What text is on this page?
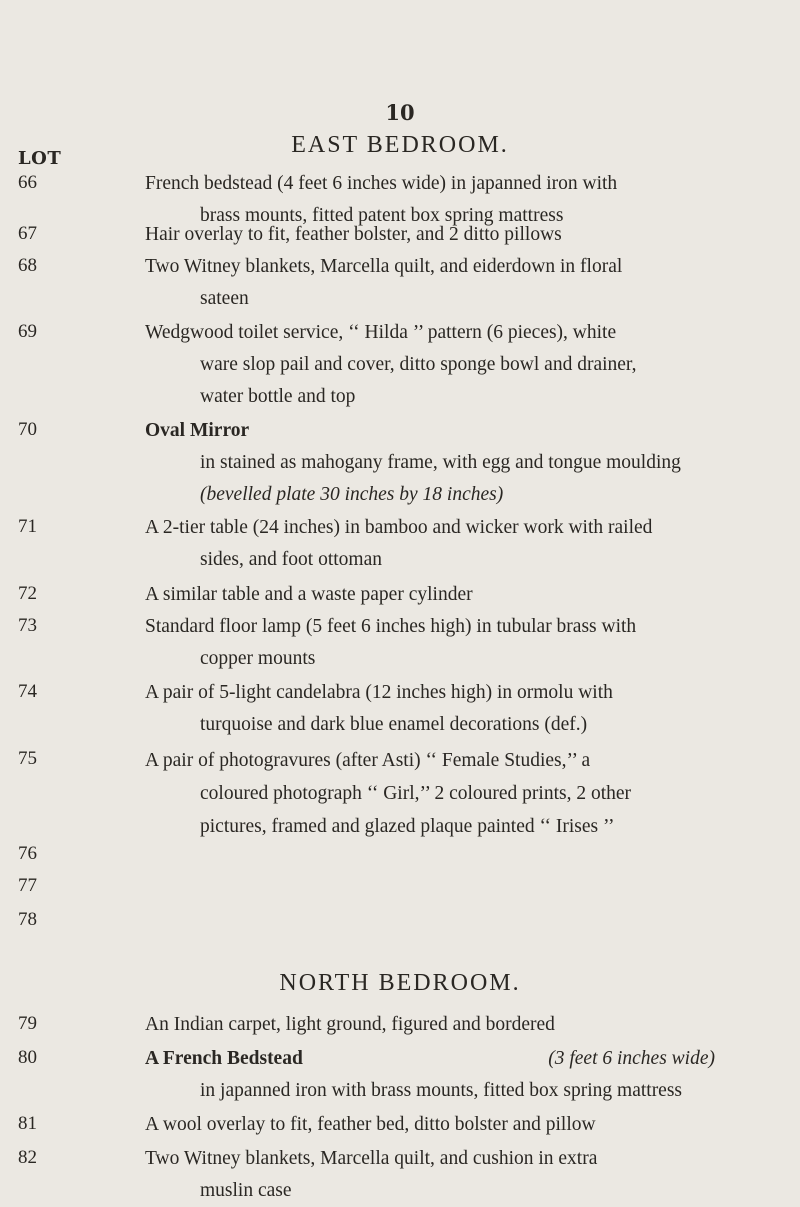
10
EAST BEDROOM.
LOT
66
67
68
69
70
71
72
73
74
75
76
77
78
79
80
81
82
French bedstead (4 feet 6 inches wide) in japanned iron with
brass mounts, fitted patent box spring mattress
Hair overlay to fit, feather bolster, and 2 ditto pillows
Two Witney blankets, Marcella quilt, and eiderdown in floral
sateen
Wedgwood toilet service, ‘‘ Hilda ’’ pattern (6 pieces), white
ware slop pail and cover, ditto sponge bowl and drainer,
water bottle and top
Oval Mirror
in stained as mahogany frame, with egg and tongue moulding
(bevelled plate 30 inches by 18 inches)
A 2-tier table (24 inches) in bamboo and wicker work with railed
sides, and foot ottoman
A similar table and a waste paper cylinder
Standard floor lamp (5 feet 6 inches high) in tubular brass with
copper mounts
A pair of 5-light candelabra (12 inches high) in ormolu with
turquoise and dark blue enamel decorations (def.)
A pair of photogravures (after Asti) ‘‘ Female Studies,’’ a
coloured photograph ‘‘ Girl,’’ 2 coloured prints, 2 other
pictures, framed and glazed plaque painted ‘‘ Irises ’’
NORTH BEDROOM.
An Indian carpet, light ground, figured and bordered
A French Bedstead	(3 feet 6 inches wide)
in japanned iron with brass mounts, fitted box spring mattress
A wool overlay to fit, feather bed, ditto bolster and pillow
Two Witney blankets, Marcella quilt, and cushion in extra
muslin case
